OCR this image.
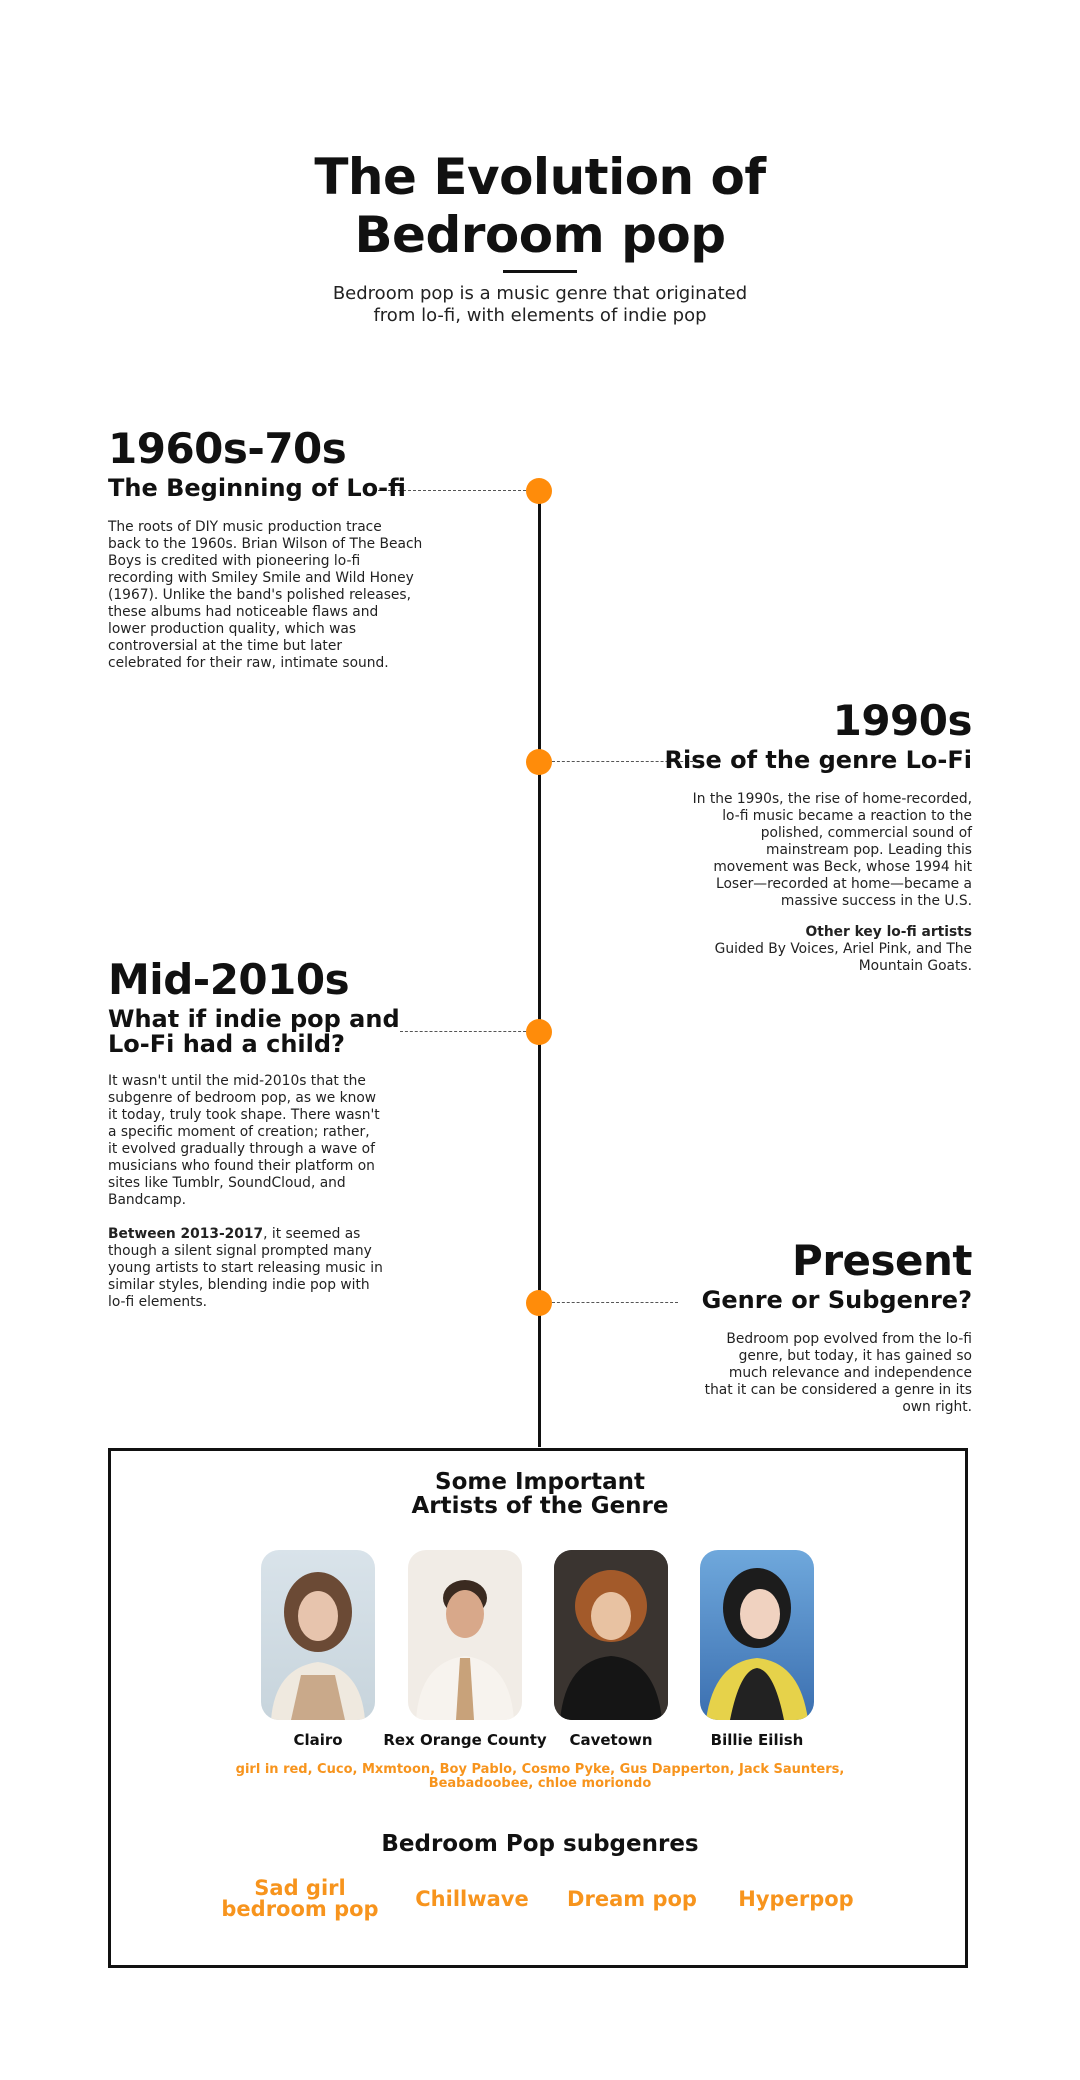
The Evolution of
Bedroom pop
Bedroom pop is a music genre that originated
from lo-fi, with elements of indie pop
1960s-70s
The Beginning of Lo-fi
The roots of DIY music production trace
back to the 1960s. Brian Wilson of The Beach
Boys is credited with pioneering lo-fi
recording with Smiley Smile and Wild Honey
(1967). Unlike the band's polished releases,
these albums had noticeable flaws and
lower production quality, which was
controversial at the time but later
celebrated for their raw, intimate sound.
1990s
Rise of the genre Lo-Fi
In the 1990s, the rise of home-recorded,
lo-fi music became a reaction to the
polished, commercial sound of
mainstream pop. Leading this
movement was Beck, whose 1994 hit
Loser—recorded at home—became a
massive success in the U.S.
Other key lo-fi artists
Guided By Voices, Ariel Pink, and The
Mountain Goats.
Mid-2010s
What if indie pop and
Lo-Fi had a child?
It wasn't until the mid-2010s that the
subgenre of bedroom pop, as we know
it today, truly took shape. There wasn't
a specific moment of creation; rather,
it evolved gradually through a wave of
musicians who found their platform on
sites like Tumblr, SoundCloud, and
Bandcamp.
Between 2013-2017, it seemed as
though a silent signal prompted many
young artists to start releasing music in
similar styles, blending indie pop with
lo-fi elements.
Present
Genre or Subgenre?
Bedroom pop evolved from the lo-fi
genre, but today, it has gained so
much relevance and independence
that it can be considered a genre in its
own right.
Some Important
Artists of the Genre
Clairo	Rex Orange County	Cavetown	Billie Eilish
girl in red, Cuco, Mxmtoon, Boy Pablo, Cosmo Pyke, Gus Dapperton, Jack Saunters,
Beabadoobee, chloe moriondo
Bedroom Pop subgenres
Sad girl
bedroom pop	Chillwave	Dream pop	Hyperpop
